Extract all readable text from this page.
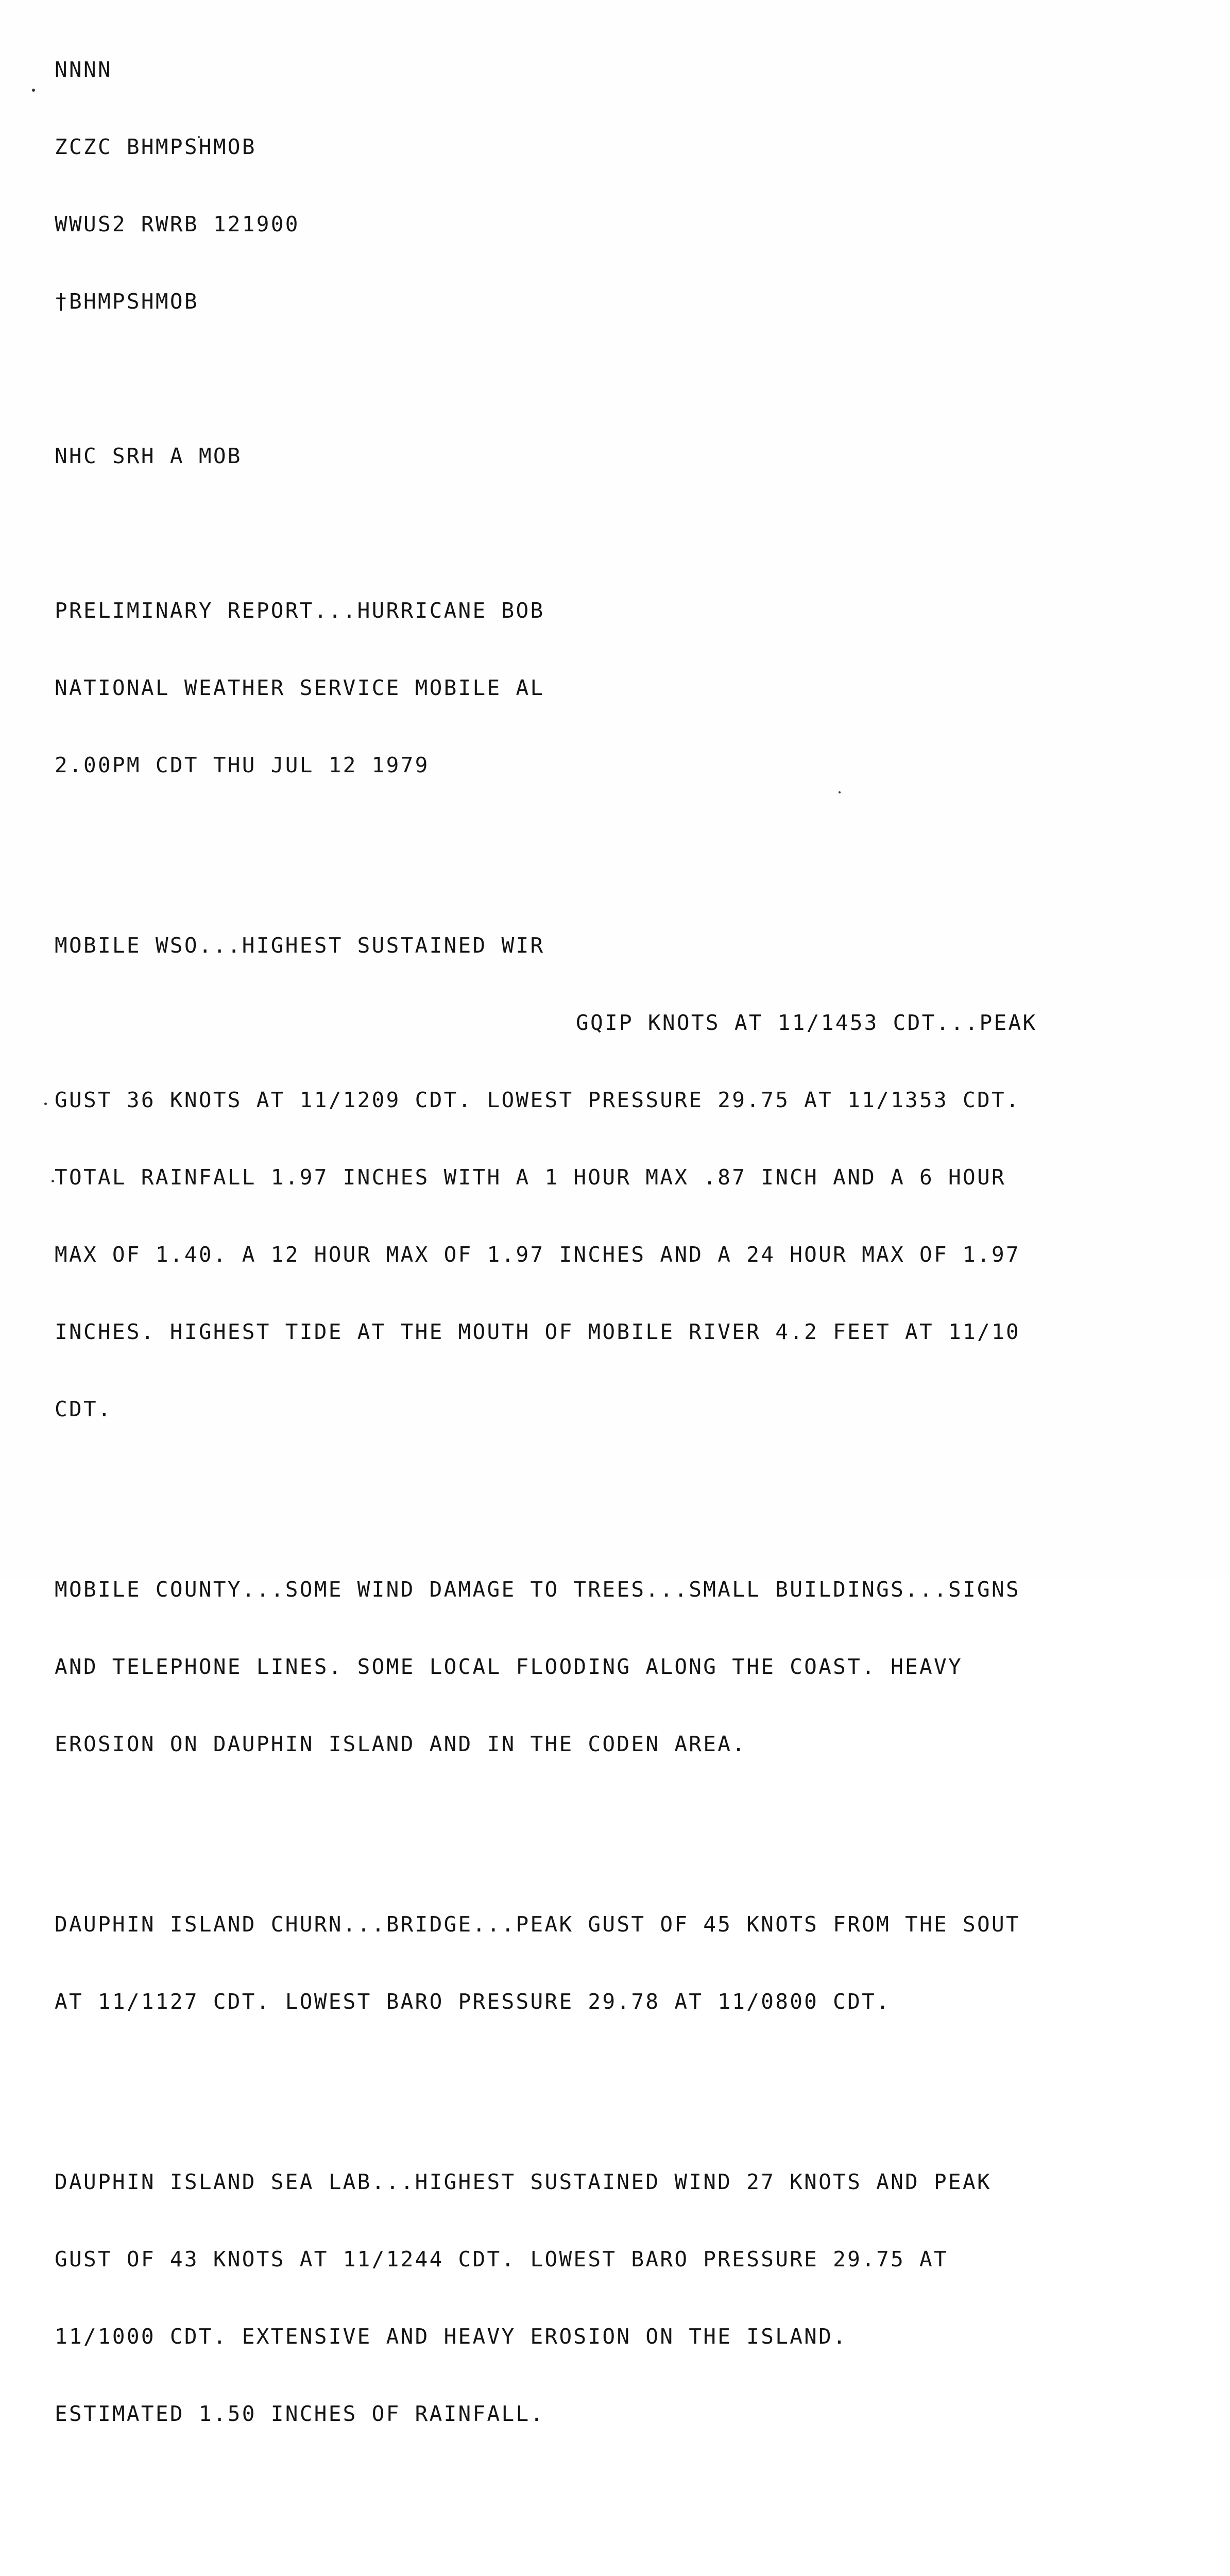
NNNN

ZCZC BHMPSHMOB

WWUS2 RWRB 121900

†BHMPSHMOB

NHC SRH A MOB

PRELIMINARY REPORT...HURRICANE BOB

NATIONAL WEATHER SERVICE MOBILE AL

2.00PM CDT THU JUL 12 1979

MOBILE WSO...HIGHEST SUSTAINED WIR

GQIP KNOTS AT 11/1453 CDT...PEAK

GUST 36 KNOTS AT 11/1209 CDT. LOWEST PRESSURE 29.75 AT 11/1353 CDT.

TOTAL RAINFALL 1.97 INCHES WITH A 1 HOUR MAX .87 INCH AND A 6 HOUR

MAX OF 1.40. A 12 HOUR MAX OF 1.97 INCHES AND A 24 HOUR MAX OF 1.97

INCHES. HIGHEST TIDE AT THE MOUTH OF MOBILE RIVER 4.2 FEET AT 11/10

CDT.

MOBILE COUNTY...SOME WIND DAMAGE TO TREES...SMALL BUILDINGS...SIGNS

AND TELEPHONE LINES. SOME LOCAL FLOODING ALONG THE COAST. HEAVY

EROSION ON DAUPHIN ISLAND AND IN THE CODEN AREA.

DAUPHIN ISLAND CHURN...BRIDGE...PEAK GUST OF 45 KNOTS FROM THE SOUT

AT 11/1127 CDT. LOWEST BARO PRESSURE 29.78 AT 11/0800 CDT.

DAUPHIN ISLAND SEA LAB...HIGHEST SUSTAINED WIND 27 KNOTS AND PEAK

GUST OF 43 KNOTS AT 11/1244 CDT. LOWEST BARO PRESSURE 29.75 AT

11/1000 CDT. EXTENSIVE AND HEAVY EROSION ON THE ISLAND.

ESTIMATED 1.50 INCHES OF RAINFALL.
